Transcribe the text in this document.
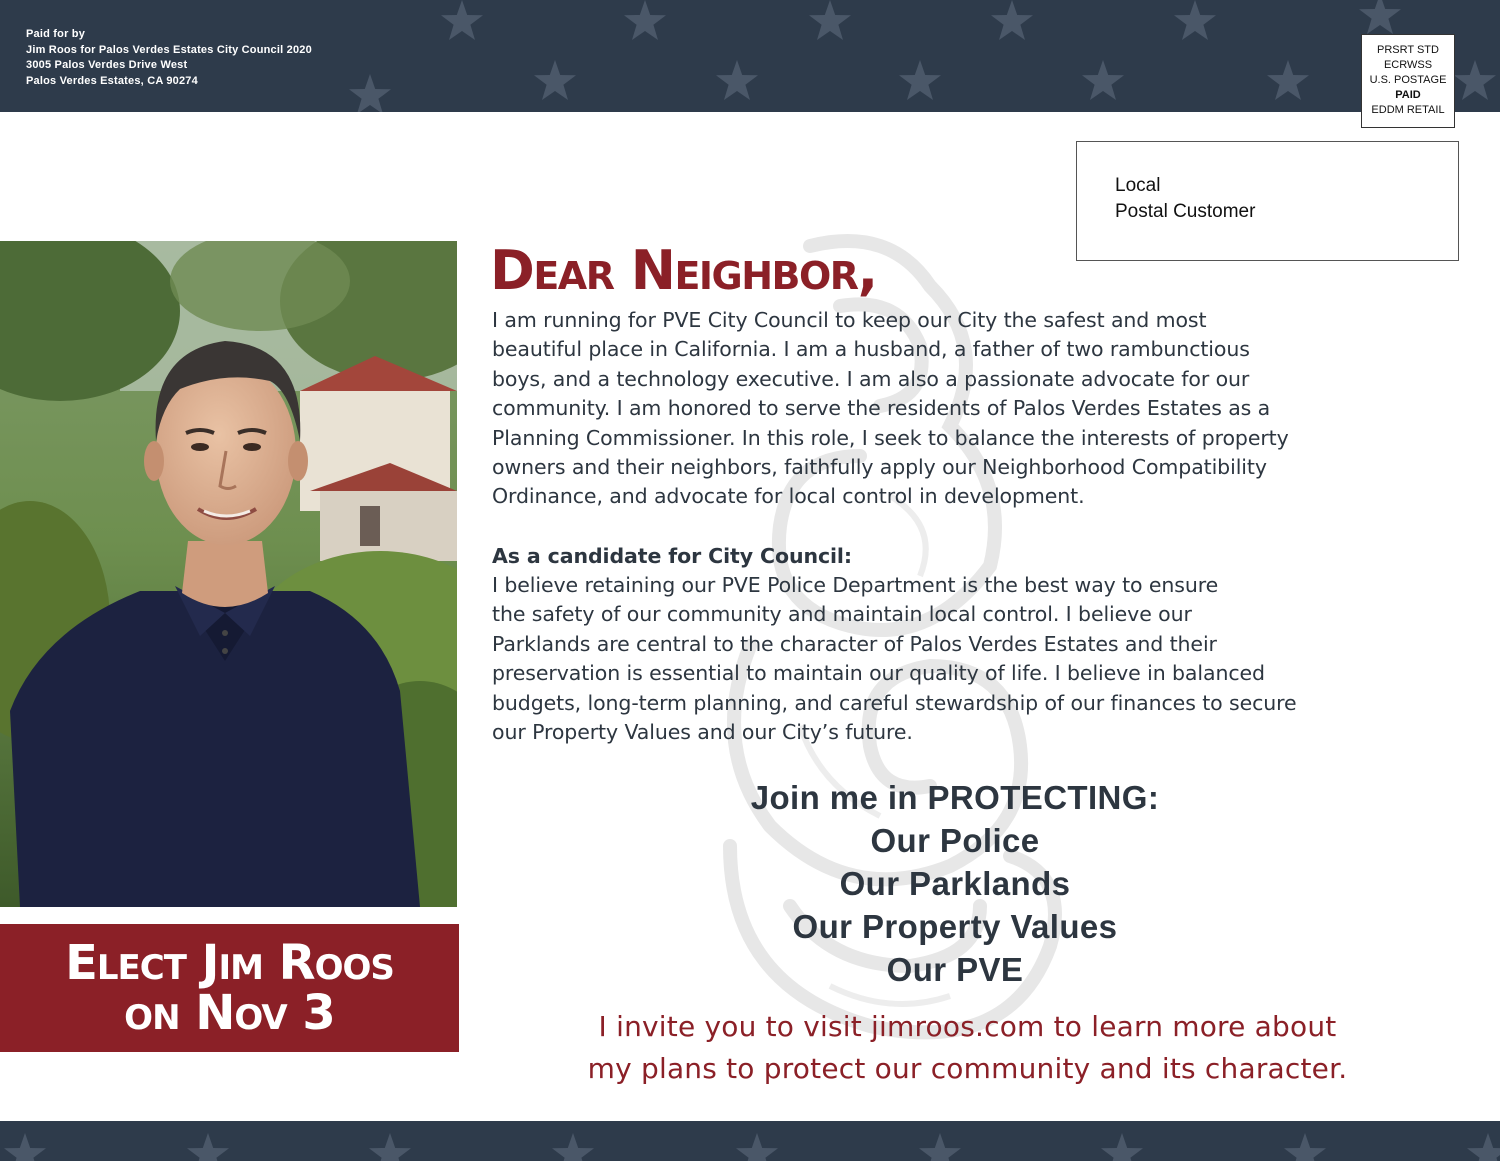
Paid for by
Jim Roos for Palos Verdes Estates City Council 2020
3005 Palos Verdes Drive West
Palos Verdes Estates, CA 90274
PRSRT STD
ECRWSS
U.S. POSTAGE
PAID
EDDM RETAIL
Local
Postal Customer
Elect Jim Roos
on Nov 3
Dear Neighbor,
I am running for PVE City Council to keep our City the safest and most
beautiful place in California. I am a husband, a father of two rambunctious
boys, and a technology executive. I am also a passionate advocate for our
community. I am honored to serve the residents of Palos Verdes Estates as a
Planning Commissioner. In this role, I seek to balance the interests of property
owners and their neighbors, faithfully apply our Neighborhood Compatibility
Ordinance, and advocate for local control in development.
As a candidate for City Council:
I believe retaining our PVE Police Department is the best way to ensure
the safety of our community and maintain local control. I believe our
Parklands are central to the character of Palos Verdes Estates and their
preservation is essential to maintain our quality of life. I believe in balanced
budgets, long-term planning, and careful stewardship of our finances to secure
our Property Values and our City’s future.
Join me in PROTECTING:
Our Police
Our Parklands
Our Property Values
Our PVE
I invite you to visit jimroos.com to learn more about
my plans to protect our community and its character.
